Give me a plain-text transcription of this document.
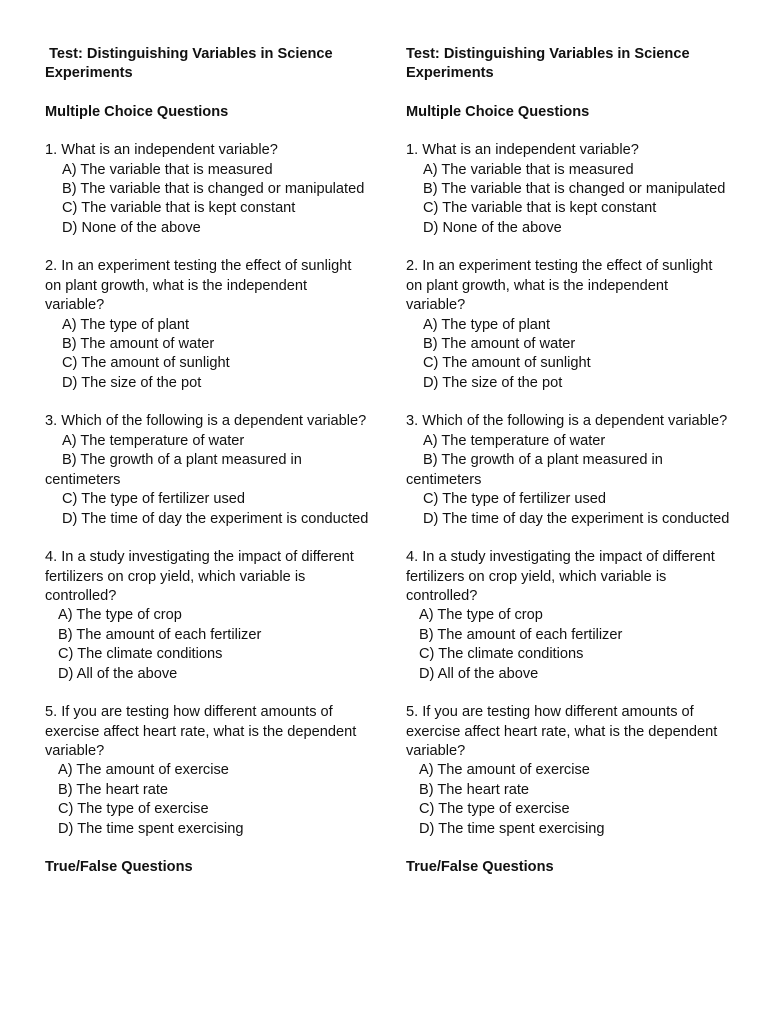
Test: Distinguishing Variables in Science Experiments
Multiple Choice Questions
1. What is an independent variable?
A) The variable that is measured
B) The variable that is changed or manipulated
C) The variable that is kept constant
D) None of the above
2. In an experiment testing the effect of sunlight on plant growth, what is the independent variable?
A) The type of plant
B) The amount of water
C) The amount of sunlight
D) The size of the pot
3. Which of the following is a dependent variable?
A) The temperature of water
B) The growth of a plant measured in centimeters
C) The type of fertilizer used
D) The time of day the experiment is conducted
4. In a study investigating the impact of different fertilizers on crop yield, which variable is controlled?
A) The type of crop
B) The amount of each fertilizer
C) The climate conditions
D) All of the above
5. If you are testing how different amounts of exercise affect heart rate, what is the dependent variable?
A) The amount of exercise
B) The heart rate
C) The type of exercise
D) The time spent exercising
True/False Questions
Test: Distinguishing Variables in Science Experiments
Multiple Choice Questions
1. What is an independent variable?
A) The variable that is measured
B) The variable that is changed or manipulated
C) The variable that is kept constant
D) None of the above
2. In an experiment testing the effect of sunlight on plant growth, what is the independent variable?
A) The type of plant
B) The amount of water
C) The amount of sunlight
D) The size of the pot
3. Which of the following is a dependent variable?
A) The temperature of water
B) The growth of a plant measured in centimeters
C) The type of fertilizer used
D) The time of day the experiment is conducted
4. In a study investigating the impact of different fertilizers on crop yield, which variable is controlled?
A) The type of crop
B) The amount of each fertilizer
C) The climate conditions
D) All of the above
5. If you are testing how different amounts of exercise affect heart rate, what is the dependent variable?
A) The amount of exercise
B) The heart rate
C) The type of exercise
D) The time spent exercising
True/False Questions
